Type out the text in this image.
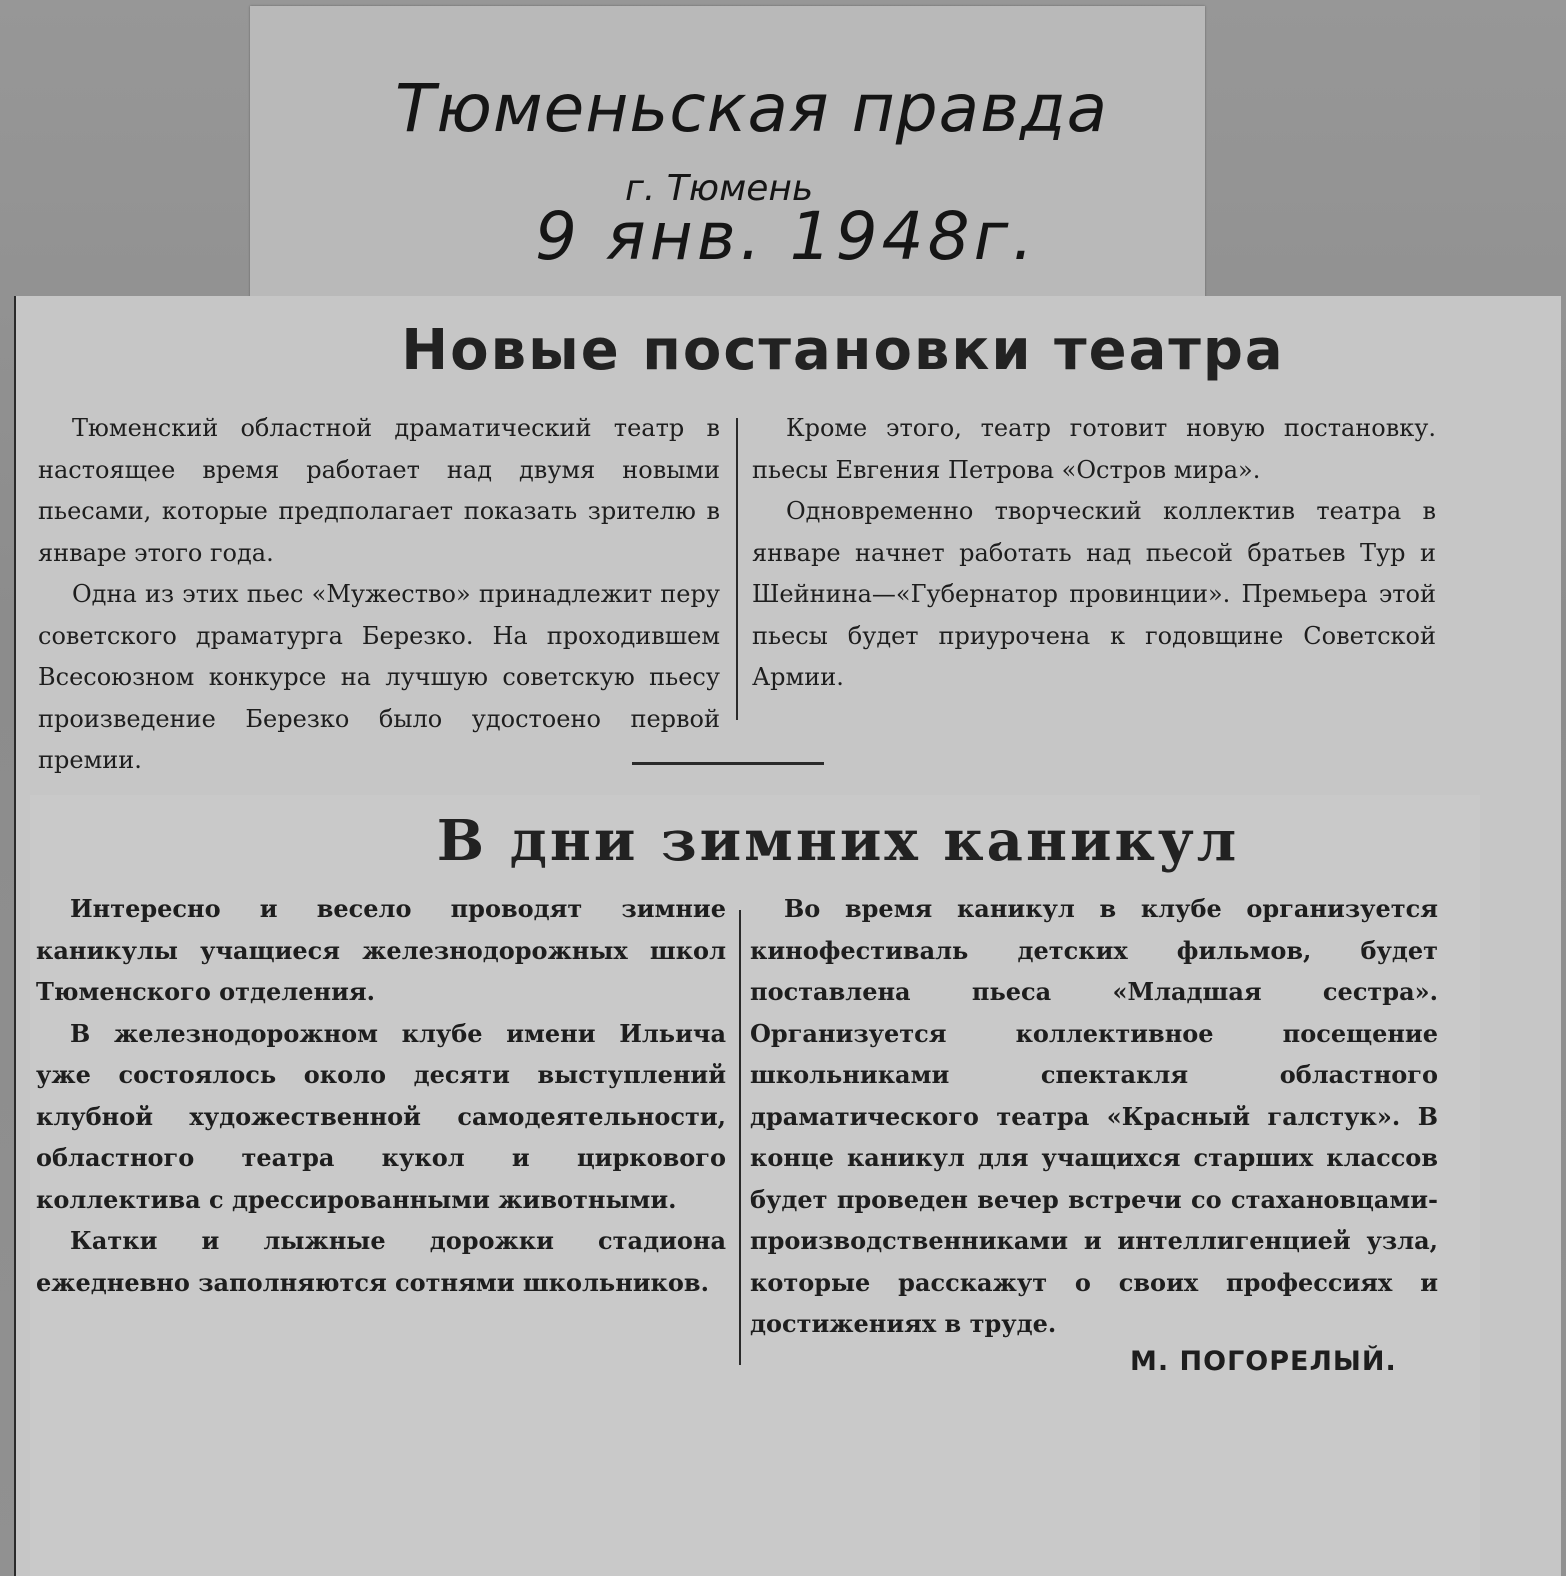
Тюменьская правда
г. Тюмень
9 янв. 1948г.
Новые постановки театра

Тюменский областной драматический театр в настоящее время работает над двумя новыми пьесами, которые предполагает показать зрителю в январе этого года.

Одна из этих пьес «Мужество» принадлежит перу советского драматурга Березко. На проходившем Всесоюзном конкурсе на лучшую советскую пьесу произведение Березко было удостоено первой премии.

Кроме этого, театр готовит новую постановку. пьесы Евгения Петрова «Остров мира».

Одновременно творческий коллектив театра в январе начнет работать над пьесой братьев Тур и Шейнина—«Губернатор провинции». Премьера этой пьесы будет приурочена к годовщине Советской Армии.

В дни зимних каникул

Интересно и весело проводят зимние каникулы учащиеся железнодорожных школ Тюменского отделения.

В железнодорожном клубе имени Ильича уже состоялось около десяти выступлений клубной художественной самодеятельности, областного театра кукол и циркового коллектива с дрессированными животными.

Катки и лыжные дорожки стадиона ежедневно заполняются сотнями школьников.

Во время каникул в клубе организуется кинофестиваль детских фильмов, будет поставлена пьеса «Младшая сестра». Организуется коллективное посещение школьниками спектакля областного драматического театра «Красный галстук». В конце каникул для учащихся старших классов будет проведен вечер встречи со стахановцами-производственниками и интеллигенцией узла, которые расскажут о своих профессиях и достижениях в труде.

М. ПОГОРЕЛЫЙ.
